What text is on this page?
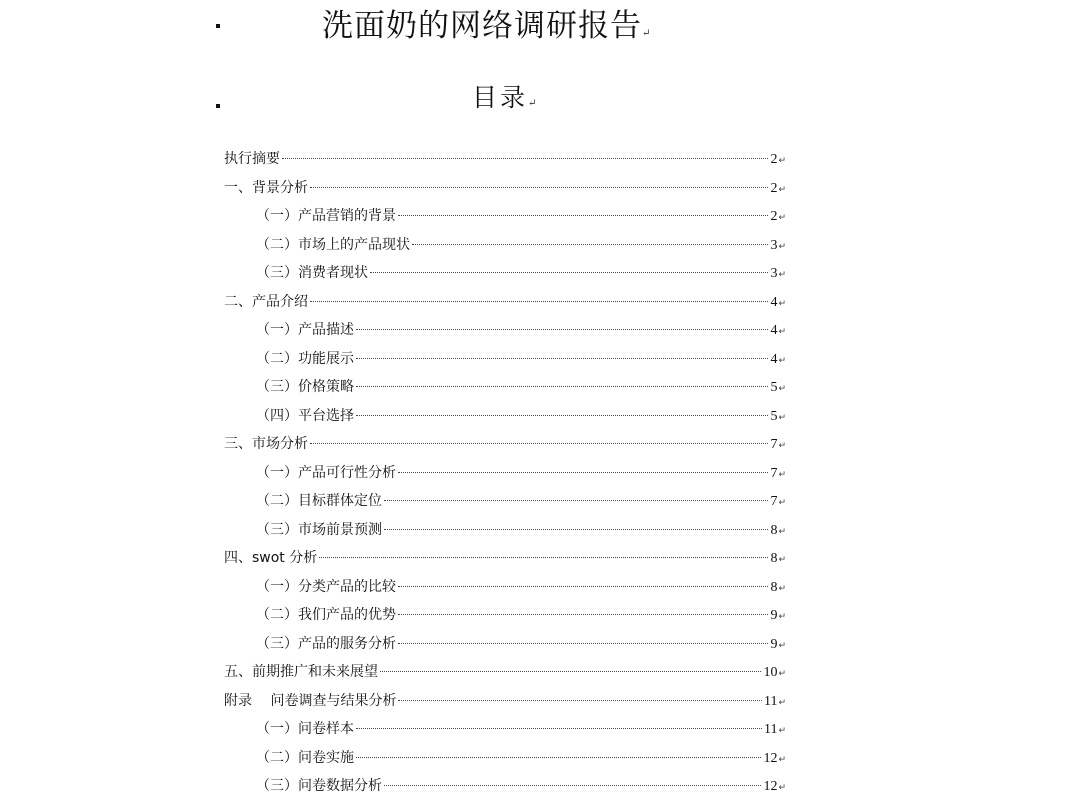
洗面奶的网络调研报告↵
目录↵
执行摘要	2 ↵
一、背景分析	2 ↵
（一）产品营销的背景	2 ↵
（二）市场上的产品现状	3 ↵
（三）消费者现状	3 ↵
二、产品介绍	4 ↵
（一）产品描述	4 ↵
（二）功能展示	4 ↵
（三）价格策略	5 ↵
（四）平台选择	5 ↵
三、市场分析	7 ↵
（一）产品可行性分析	7 ↵
（二）目标群体定位	7 ↵
（三）市场前景预测	8 ↵
四、swot 分析	8 ↵
（一）分类产品的比较	8 ↵
（二）我们产品的优势	9 ↵
（三）产品的服务分析	9 ↵
五、前期推广和未来展望	10 ↵
附录　 问卷调查与结果分析	11 ↵
（一）问卷样本	11 ↵
（二）问卷实施	12 ↵
（三）问卷数据分析	12 ↵
